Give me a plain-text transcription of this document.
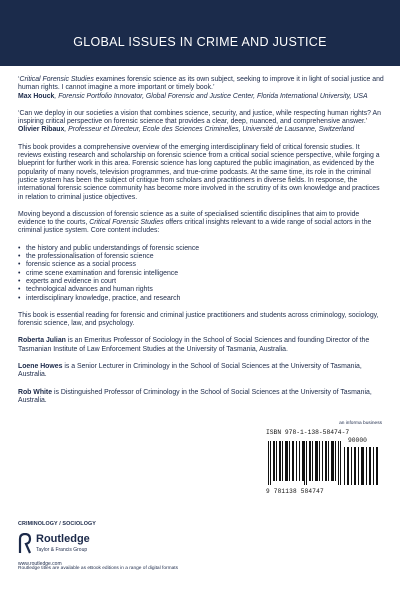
GLOBAL ISSUES IN CRIME AND JUSTICE

‘Critical Forensic Studies examines forensic science as its own subject, seeking to improve it in light of social justice and human rights. I cannot imagine a more important or timely book.’

Max Houck, Forensic Portfolio Innovator, Global Forensic and Justice Center, Florida International University, USA

‘Can we deploy in our societies a vision that combines science, security, and justice, while respecting human rights? An inspiring critical perspective on forensic science that provides a clear, deep, nuanced, and comprehensive answer.’

Olivier Ribaux, Professeur et Directeur, Ecole des Sciences Criminelles, Université de Lausanne, Switzerland

This book provides a comprehensive overview of the emerging interdisciplinary field of critical forensic studies. It reviews existing research and scholarship on forensic science from a critical social science perspective, while forging a blueprint for further work in this area. Forensic science has long captured the public imagination, as evidenced by the popularity of many novels, television programmes, and true-crime podcasts. At the same time, its role in the criminal justice system has been the subject of critique from scholars and practitioners in diverse fields. In response, the international forensic science community has become more involved in the scrutiny of its own knowledge and practices in relation to criminal justice objectives.

Moving beyond a discussion of forensic science as a suite of specialised scientific disciplines that aim to provide evidence to the courts, Critical Forensic Studies offers critical insights relevant to a wide range of social actors in the criminal justice system. Core content includes:

• the history and public understandings of forensic science
• the professionalisation of forensic science
• forensic science as a social process
• crime scene examination and forensic intelligence
• experts and evidence in court
• technological advances and human rights
• interdisciplinary knowledge, practice, and research

This book is essential reading for forensic and criminal justice practitioners and students across criminology, sociology, forensic science, law, and psychology.

Roberta Julian is an Emeritus Professor of Sociology in the School of Social Sciences and founding Director of the Tasmanian Institute of Law Enforcement Studies at the University of Tasmania, Australia.

Loene Howes is a Senior Lecturer in Criminology in the School of Social Sciences at the University of Tasmania, Australia.

Rob White is Distinguished Professor of Criminology in the School of Social Sciences at the University of Tasmania, Australia.

CRIMINOLOGY / SOCIOLOGY
Routledge
Taylor & Francis Group
www.routledge.com
Routledge titles are available as eBook editions in a range of digital formats
an informa business
ISBN 978-1-138-58474-7
90000
9 781138 584747
